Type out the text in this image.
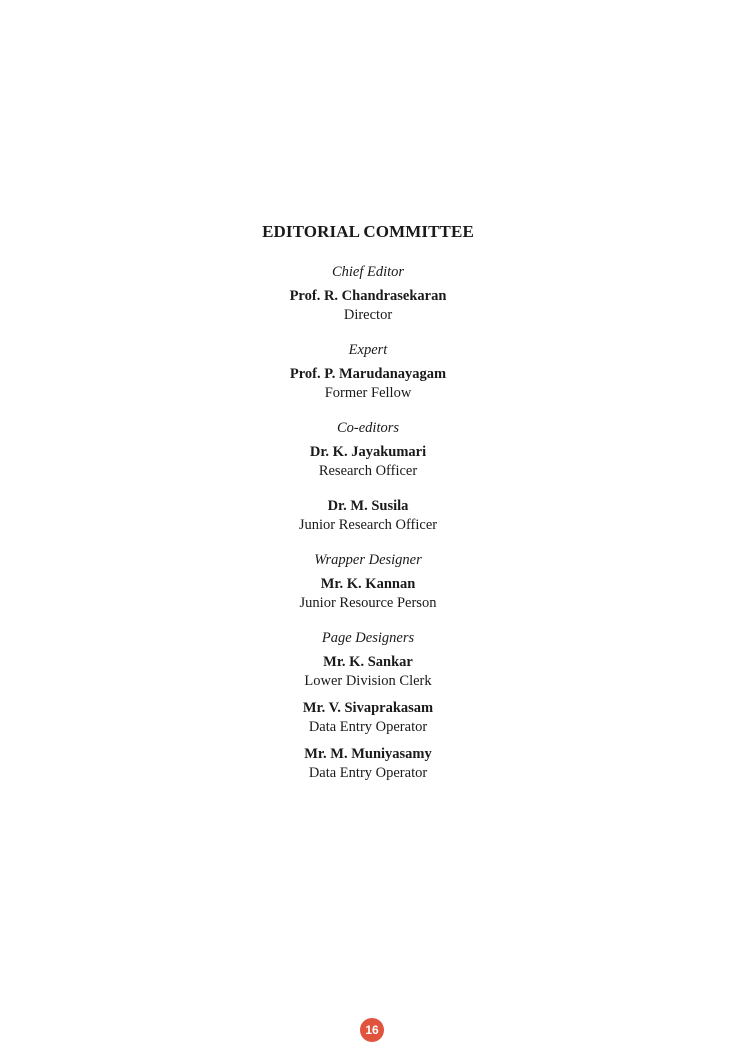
EDITORIAL COMMITTEE
Chief Editor
Prof. R. Chandrasekaran
Director
Expert
Prof. P. Marudanayagam
Former Fellow
Co-editors
Dr. K. Jayakumari
Research Officer
Dr. M. Susila
Junior Research Officer
Wrapper Designer
Mr. K. Kannan
Junior Resource Person
Page Designers
Mr. K. Sankar
Lower Division Clerk
Mr. V. Sivaprakasam
Data Entry Operator
Mr. M. Muniyasamy
Data Entry Operator
16
